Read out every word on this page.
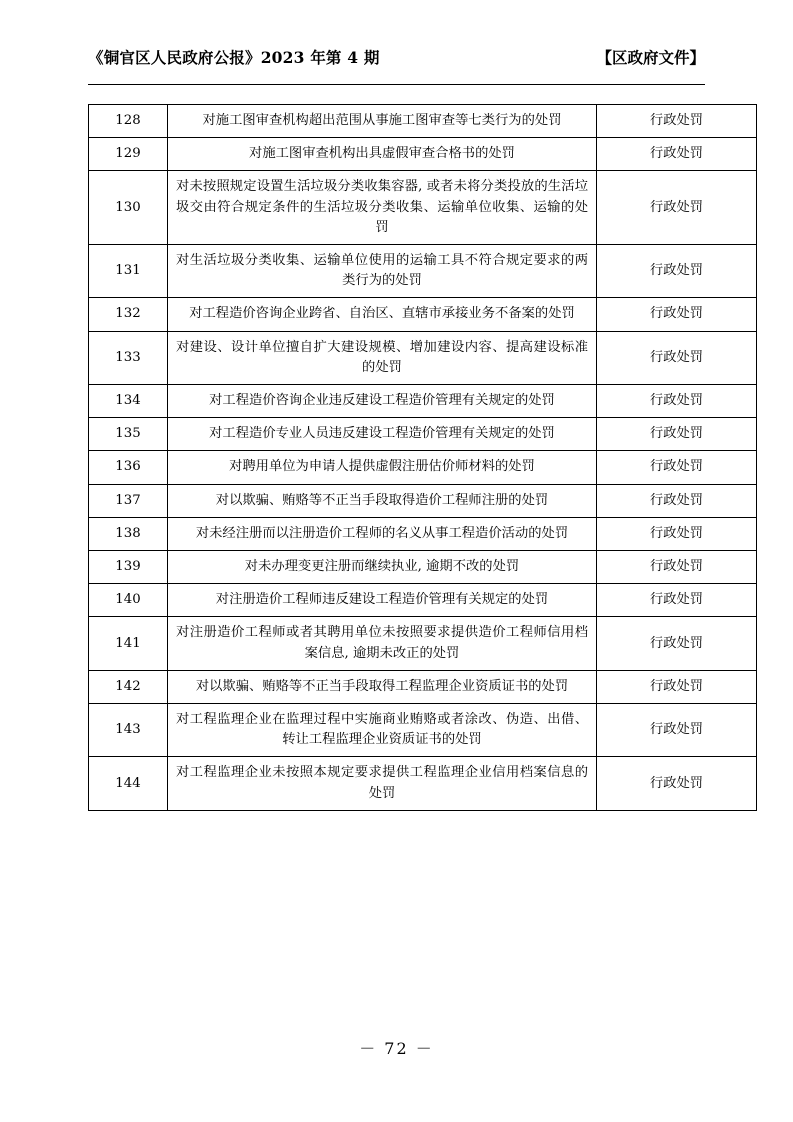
《铜官区人民政府公报》2023 年第 4 期	【区政府文件】
128	对施工图审查机构超出范围从事施工图审查等七类行为的处罚	行政处罚
129	对施工图审查机构出具虚假审查合格书的处罚	行政处罚
130	对未按照规定设置生活垃圾分类收集容器, 或者未将分类投放的生活垃圾交由符合规定条件的生活垃圾分类收集、运输单位收集、运输的处罚	行政处罚
131	对生活垃圾分类收集、运输单位使用的运输工具不符合规定要求的两类行为的处罚	行政处罚
132	对工程造价咨询企业跨省、自治区、直辖市承接业务不备案的处罚	行政处罚
133	对建设、设计单位擅自扩大建设规模、增加建设内容、提高建设标准的处罚	行政处罚
134	对工程造价咨询企业违反建设工程造价管理有关规定的处罚	行政处罚
135	对工程造价专业人员违反建设工程造价管理有关规定的处罚	行政处罚
136	对聘用单位为申请人提供虚假注册估价师材料的处罚	行政处罚
137	对以欺骗、贿赂等不正当手段取得造价工程师注册的处罚	行政处罚
138	对未经注册而以注册造价工程师的名义从事工程造价活动的处罚	行政处罚
139	对未办理变更注册而继续执业, 逾期不改的处罚	行政处罚
140	对注册造价工程师违反建设工程造价管理有关规定的处罚	行政处罚
141	对注册造价工程师或者其聘用单位未按照要求提供造价工程师信用档案信息, 逾期未改正的处罚	行政处罚
142	对以欺骗、贿赂等不正当手段取得工程监理企业资质证书的处罚	行政处罚
143	对工程监理企业在监理过程中实施商业贿赂或者涂改、伪造、出借、转让工程监理企业资质证书的处罚	行政处罚
144	对工程监理企业未按照本规定要求提供工程监理企业信用档案信息的处罚	行政处罚
－ 72 －
